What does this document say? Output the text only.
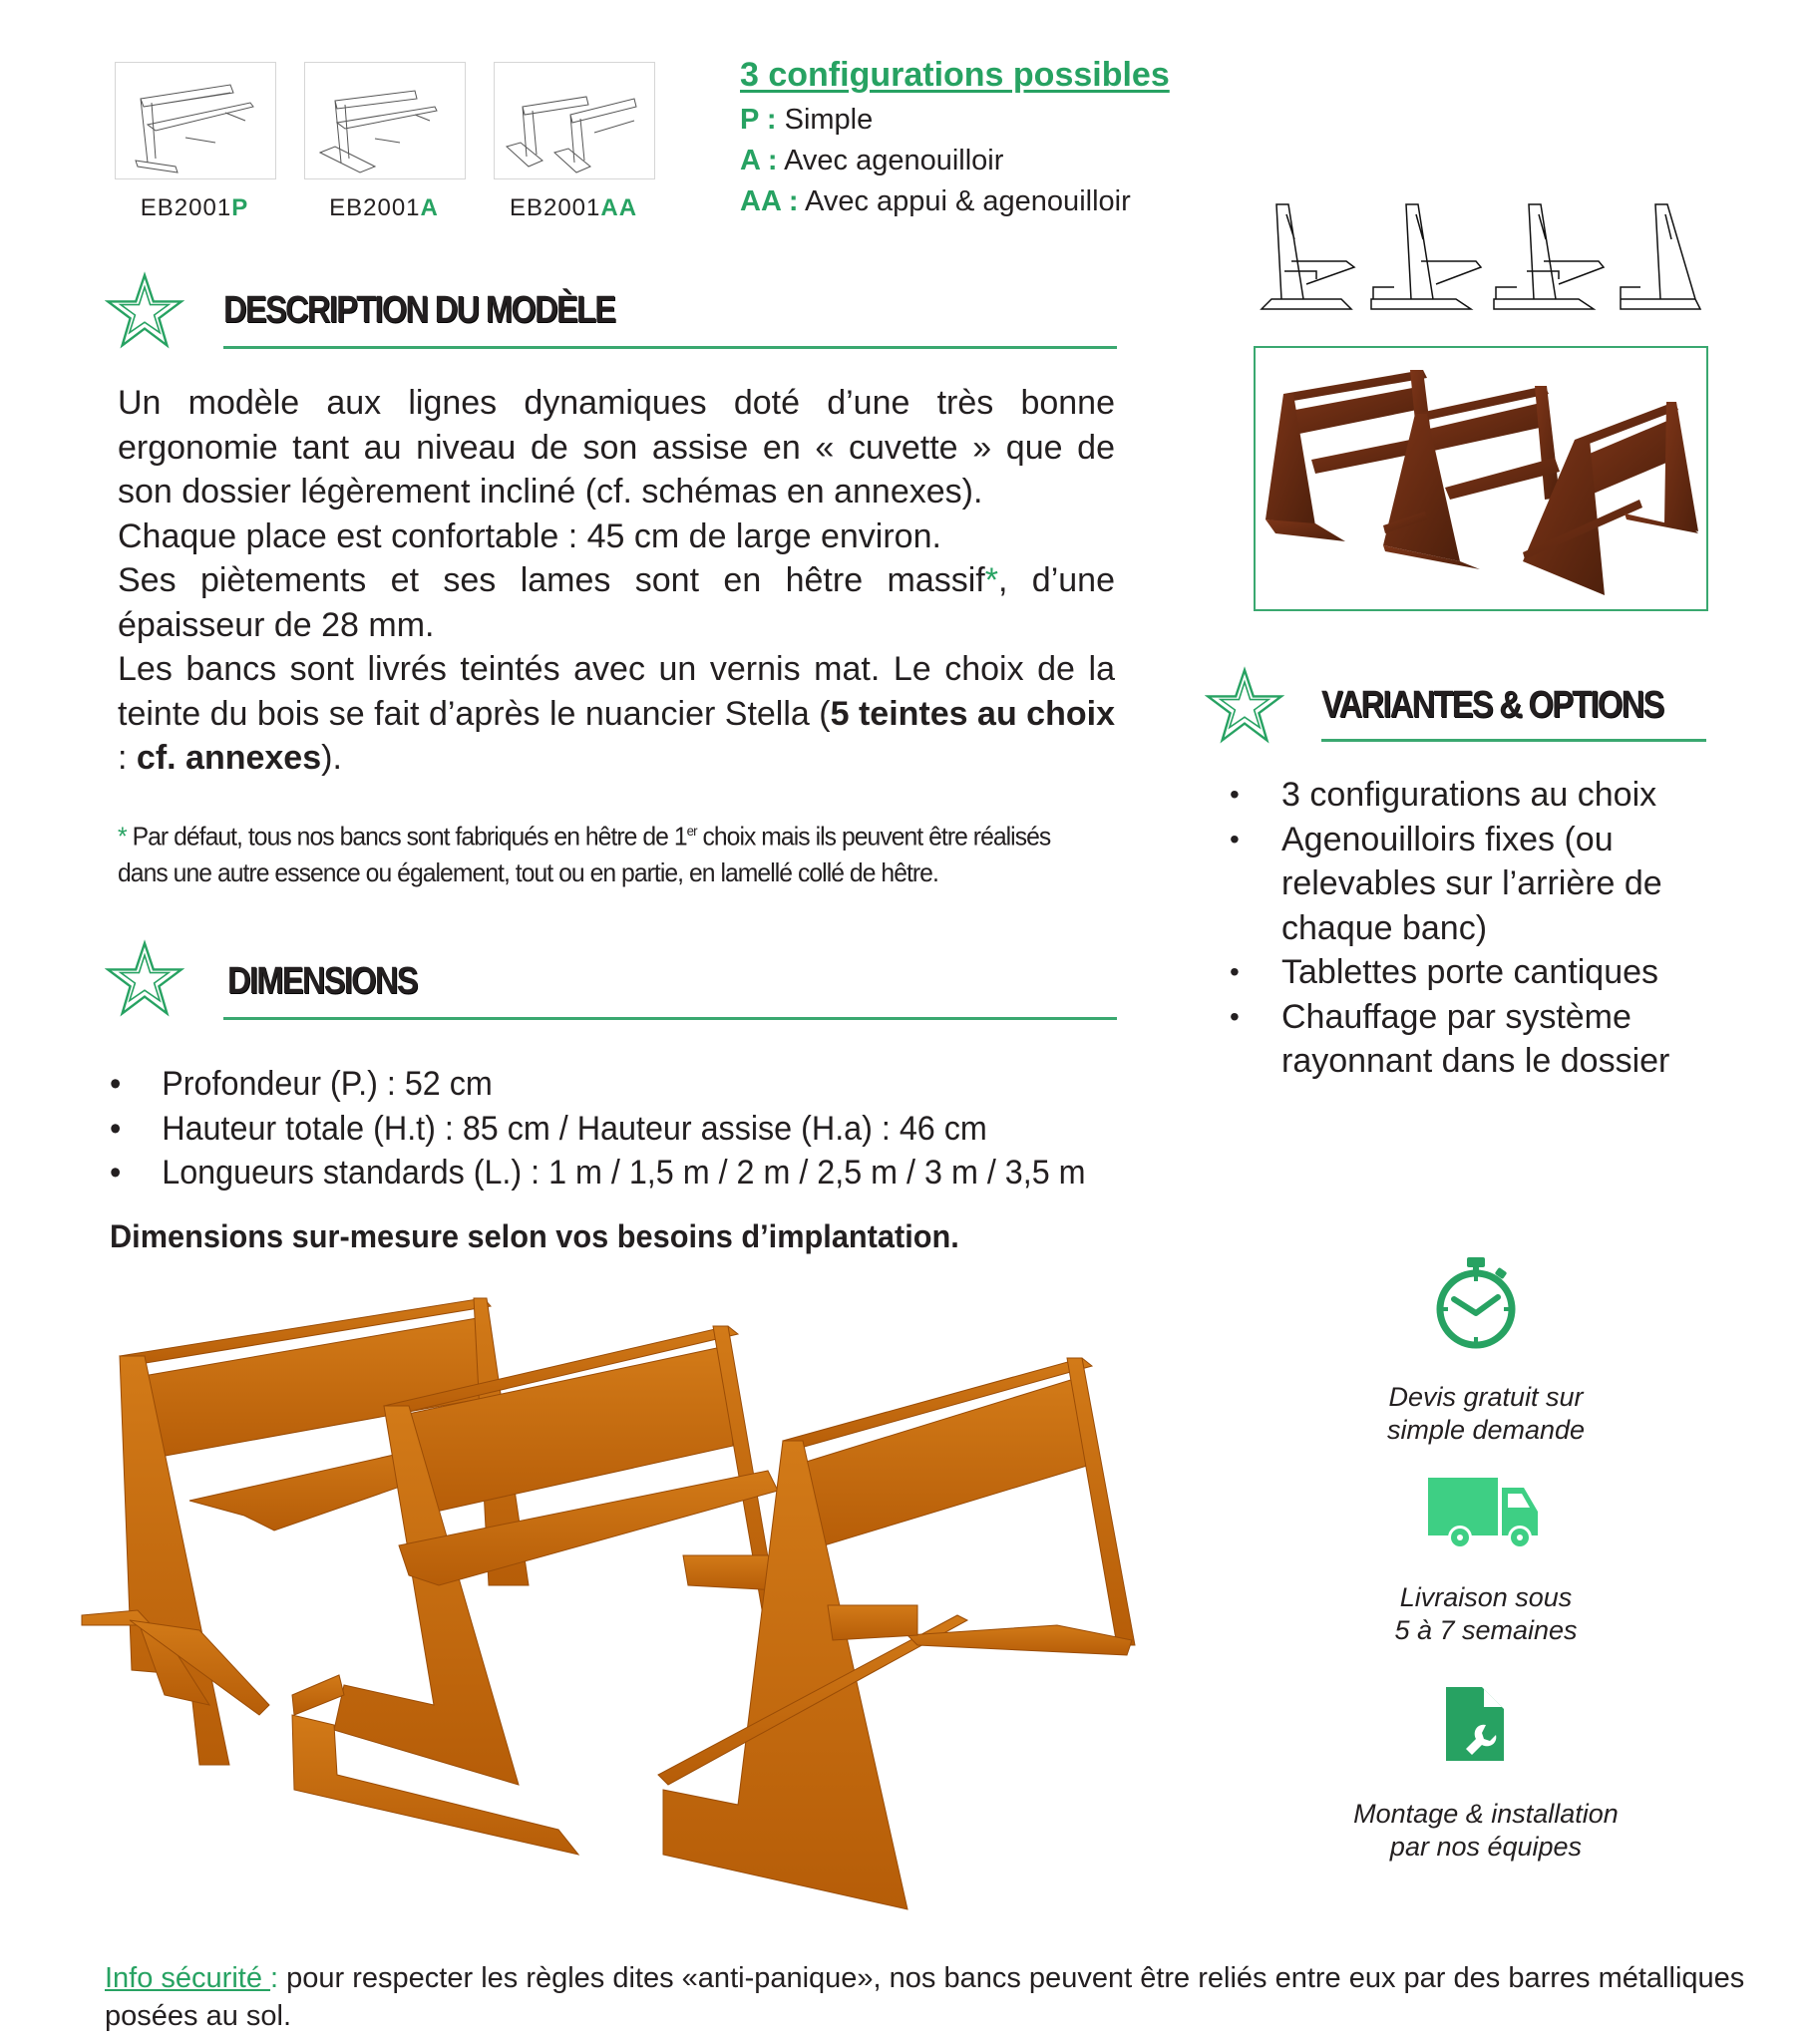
EB2001P	EB2001A	EB2001AA
3 configurations possibles
P : Simple
A : Avec agenouilloir
AA : Avec appui & agenouilloir
DESCRIPTION DU MODÈLE

Un modèle aux lignes dynamiques doté d’une très bonne ergonomie tant au niveau de son assise en « cuvette » que de son dossier légèrement incliné (cf. schémas en annexes).

Chaque place est confortable : 45 cm de large environ.

Ses piètements et ses lames sont en hêtre massif*, d’une épaisseur de 28 mm.

Les bancs sont livrés teintés avec un vernis mat. Le choix de la teinte du bois se fait d’après le nuancier Stella (5 teintes au choix : cf. annexes).

* Par défaut, tous nos bancs sont fabriqués en hêtre de 1er choix mais ils peuvent être réalisés dans une autre essence ou également, tout ou en partie, en lamellé collé de hêtre.
DIMENSIONS
• Profondeur (P.) : 52 cm
• Hauteur totale (H.t) : 85 cm / Hauteur assise (H.a) : 46 cm
• Longueurs standards (L.) : 1 m / 1,5 m / 2 m / 2,5 m / 3 m / 3,5 m
Dimensions sur-mesure selon vos besoins d’implantation.
VARIANTES & OPTIONS
• 3 configurations au choix
• Agenouilloirs fixes (ou relevables sur l’arrière de chaque banc)
• Tablettes porte cantiques
• Chauffage par système rayonnant dans le dossier
Devis gratuit sur
simple demande
Livraison sous
5 à 7 semaines
Montage & installation
par nos équipes
Info sécurité : pour respecter les règles dites «anti-panique», nos bancs peuvent être reliés entre eux par des barres métalliques posées au sol.
